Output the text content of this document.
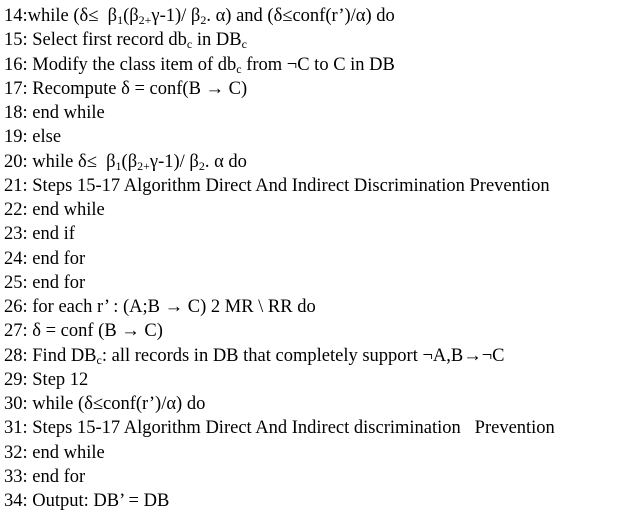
14:while ($\delta\le \beta_1(\beta_{2+}\gamma-1)/$ $\beta_2$. α) and (δ≤conf(r’)/α) do
15: Select first record $db_c$ in $DB_c$
16: Modify the class item of $db_c$ from ¬C to C in DB
17: Recompute δ = conf(B → C)
18: end while
19: else
20: while $\delta\le \beta_1(\beta_{2+}\gamma-1)/$ $\beta_2$. α do
21: Steps 15-17 Algorithm Direct And Indirect Discrimination Prevention
22: end while
23: end if
24: end for
25: end for
26: for each r’ : (A;B → C) 2 MR \ RR do
27: δ = conf (B → C)
28: Find $DB_c$: all records in DB that completely support ¬A,B→¬C
29: Step 12
30: while (δ≤conf(r’)/α) do
31: Steps 15-17 Algorithm Direct And Indirect discrimination   Prevention
32: end while
33: end for
34: Output: DB’ = DB
